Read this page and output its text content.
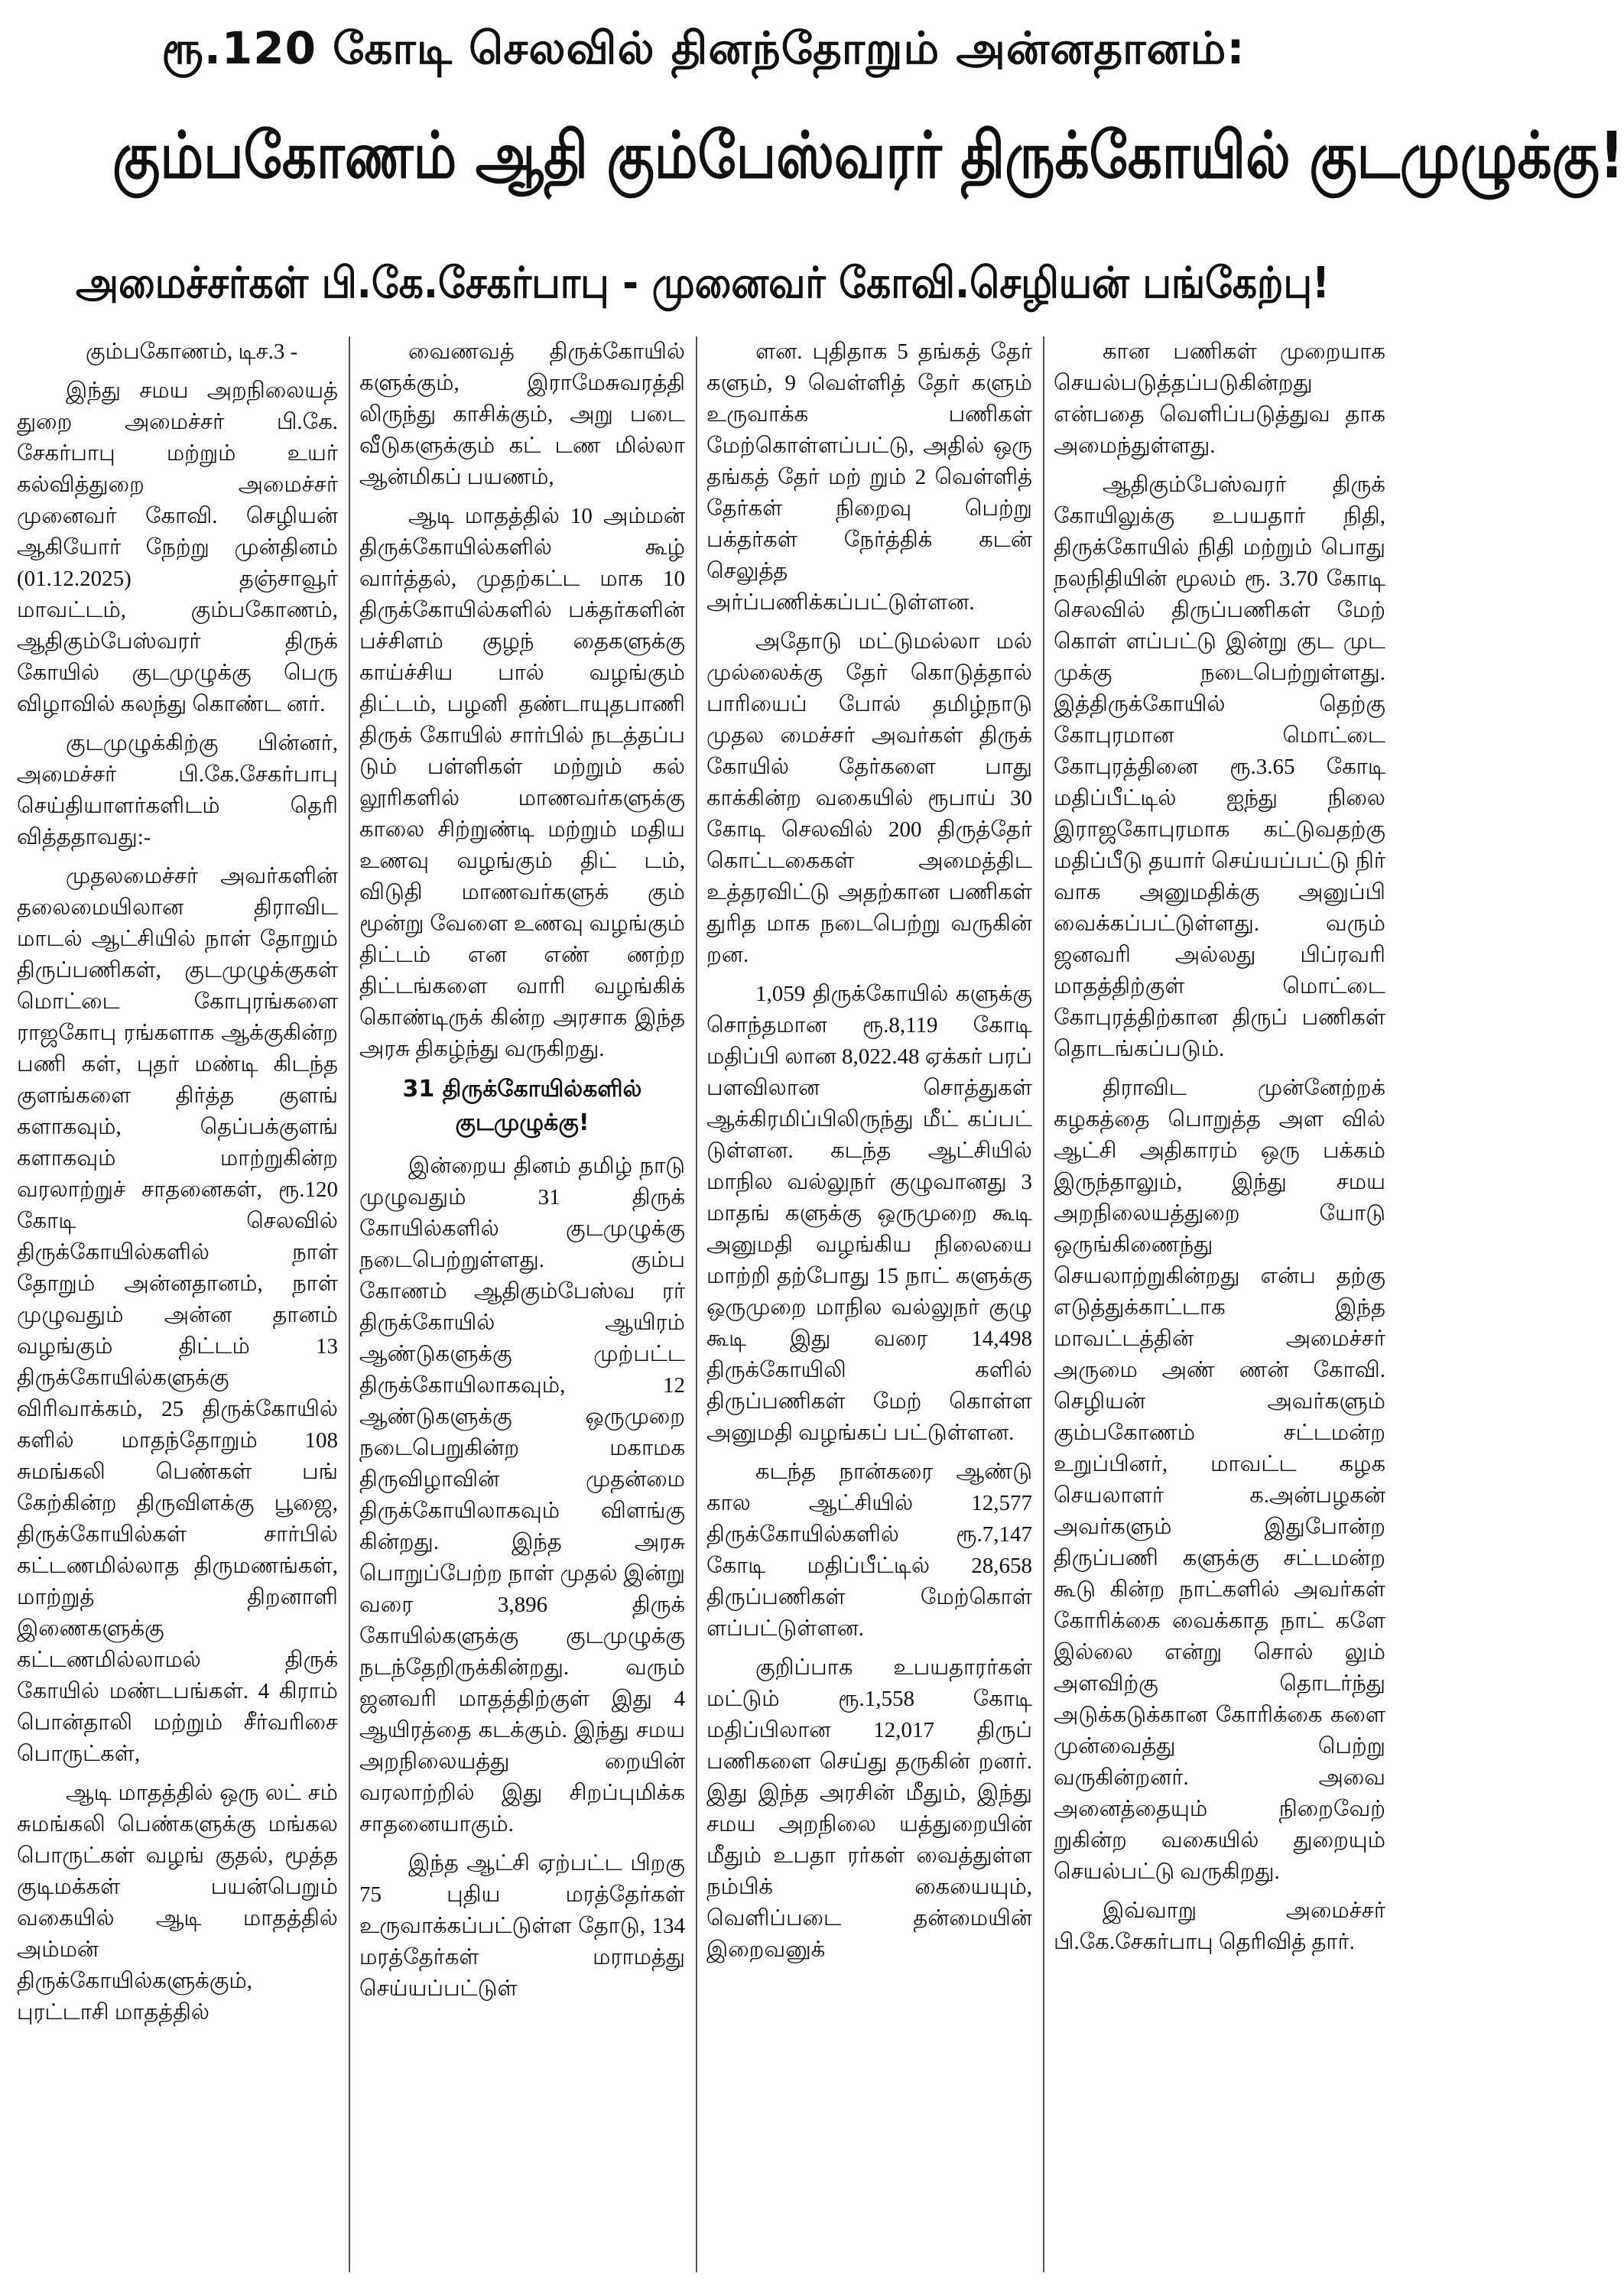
ரூ.120 கோடி செலவில் தினந்தோறும் அன்னதானம்:
கும்பகோணம் ஆதி கும்பேஸ்வரர் திருக்கோயில் குடமுழுக்கு!
அமைச்சர்கள் பி.கே.சேகர்பாபு - முனைவர் கோவி.செழியன் பங்கேற்பு!

கும்பகோணம், டிச.3 -

இந்து சமய அறநிலையத் துறை அமைச்சர் பி.கே. சேகர்பாபு மற்றும் உயர் கல்வித்துறை அமைச்சர் முனைவர் கோவி. செழியன் ஆகியோர் நேற்று முன்தினம் (01.12.2025) தஞ்சாவூர் மாவட்டம், கும்பகோணம், ஆதிகும்பேஸ்வரர் திருக் கோயில் குடமுழுக்கு பெரு விழாவில் கலந்து கொண்ட னர்.

குடமுழுக்கிற்கு பின்னர், அமைச்சர் பி.கே.சேகர்பாபு செய்தியாளர்களிடம் தெரி வித்ததாவது:-

முதலமைச்சர் அவர்களின் தலைமையிலான திராவிட மாடல் ஆட்சியில் நாள் தோறும் திருப்பணிகள், குடமுழுக்குகள் மொட்டை கோபுரங்களை ராஜகோபு ரங்களாக ஆக்குகின்ற பணி கள், புதர் மண்டி கிடந்த குளங்களை திர்த்த குளங் களாகவும், தெப்பக்குளங் களாகவும் மாற்றுகின்ற வரலாற்றுச் சாதனைகள், ரூ.120 கோடி செலவில் திருக்கோயில்களில் நாள் தோறும் அன்னதானம், நாள் முழுவதும் அன்ன தானம் வழங்கும் திட்டம் 13 திருக்கோயில்களுக்கு விரிவாக்கம், 25 திருக்கோயில் களில் மாதந்தோறும் 108 சுமங்கலி பெண்கள் பங் கேற்கின்ற திருவிளக்கு பூஜை, திருக்கோயில்கள் சார்பில் கட்டணமில்லாத திருமணங்கள், மாற்றுத் திறனாளி இணைகளுக்கு கட்டணமில்லாமல் திருக் கோயில் மண்டபங்கள். 4 கிராம் பொன்தாலி மற்றும் சீர்வரிசை பொருட்கள்,

ஆடி மாதத்தில் ஒரு லட் சம் சுமங்கலி பெண்களுக்கு மங்கல பொருட்கள் வழங் குதல், மூத்த குடிமக்கள் பயன்பெறும் வகையில் ஆடி மாதத்தில் அம்மன் திருக்கோயில்களுக்கும், புரட்டாசி மாதத்தில்

வைணவத் திருக்கோயில் களுக்கும், இராமேசுவரத்தி லிருந்து காசிக்கும், அறு படை வீடுகளுக்கும் கட் டண மில்லா ஆன்மிகப் பயணம்,

ஆடி மாதத்தில் 10 அம்மன் திருக்கோயில்களில் கூழ் வார்த்தல், முதற்கட்ட மாக 10 திருக்கோயில்களில் பக்தர்களின் பச்சிளம் குழந் தைகளுக்கு காய்ச்சிய பால் வழங்கும் திட்டம், பழனி தண்டாயுதபாணி திருக் கோயில் சார்பில் நடத்தப்ப டும் பள்ளிகள் மற்றும் கல் லூரிகளில் மாணவர்களுக்கு காலை சிற்றுண்டி மற்றும் மதிய உணவு வழங்கும் திட் டம், விடுதி மாணவர்களுக் கும் மூன்று வேளை உணவு வழங்கும் திட்டம் என எண் ணற்ற திட்டங்களை வாரி வழங்கிக் கொண்டிருக் கின்ற அரசாக இந்த அரசு திகழ்ந்து வருகிறது.

31 திருக்கோயில்களில் குடமுழுக்கு!

இன்றைய தினம் தமிழ் நாடு முழுவதும் 31 திருக் கோயில்களில் குடமுழுக்கு நடைபெற்றுள்ளது. கும்ப கோணம் ஆதிகும்பேஸ்வ ரர் திருக்கோயில் ஆயிரம் ஆண்டுகளுக்கு முற்பட்ட திருக்கோயிலாகவும், 12 ஆண்டுகளுக்கு ஒருமுறை நடைபெறுகின்ற மகாமக திருவிழாவின் முதன்மை திருக்கோயிலாகவும் விளங்கு கின்றது. இந்த அரசு பொறுப்பேற்ற நாள் முதல் இன்று வரை 3,896 திருக் கோயில்களுக்கு குடமுழுக்கு நடந்தேறிருக்கின்றது. வரும் ஜனவரி மாதத்திற்குள் இது 4 ஆயிரத்தை கடக்கும். இந்து சமய அறநிலையத்து றையின் வரலாற்றில் இது சிறப்புமிக்க சாதனையாகும்.

இந்த ஆட்சி ஏற்பட்ட பிறகு 75 புதிய மரத்தேர்கள் உருவாக்கப்பட்டுள்ள தோடு, 134 மரத்தேர்கள் மராமத்து செய்யப்பட்டுள்

ளன. புதிதாக 5 தங்கத் தேர் களும், 9 வெள்ளித் தேர் களும் உருவாக்க பணிகள் மேற்கொள்ளப்பட்டு, அதில் ஒரு தங்கத் தேர் மற் றும் 2 வெள்ளித் தேர்கள் நிறைவு பெற்று பக்தர்கள் நேர்த்திக் கடன் செலுத்த அர்ப்பணிக்கப்பட்டுள்ளன.

அதோடு மட்டுமல்லா மல் முல்லைக்கு தேர் கொடுத்தால் பாரியைப் போல் தமிழ்நாடு முதல மைச்சர் அவர்கள் திருக் கோயில் தேர்களை பாது காக்கின்ற வகையில் ரூபாய் 30 கோடி செலவில் 200 திருத்தேர் கொட்டகைகள் அமைத்திட உத்தரவிட்டு அதற்கான பணிகள் துரித மாக நடைபெற்று வருகின் றன.

1,059 திருக்கோயில் களுக்கு சொந்தமான ரூ.8,119 கோடி மதிப்பி லான 8,022.48 ஏக்கர் பரப் பளவிலான சொத்துகள் ஆக்கிரமிப்பிலிருந்து மீட் கப்பட் டுள்ளன. கடந்த ஆட்சியில் மாநில வல்லுநர் குழுவானது 3 மாதங் களுக்கு ஒருமுறை கூடி அனுமதி வழங்கிய நிலையை மாற்றி தற்போது 15 நாட் களுக்கு ஒருமுறை மாநில வல்லுநர் குழு கூடி இது வரை 14,498 திருக்கோயிலி களில் திருப்பணிகள் மேற் கொள்ள அனுமதி வழங்கப் பட்டுள்ளன.

கடந்த நான்கரை ஆண்டு கால ஆட்சியில் 12,577 திருக்கோயில்களில் ரூ.7,147 கோடி மதிப்பீட்டில் 28,658 திருப்பணிகள் மேற்கொள் ளப்பட்டுள்ளன.

குறிப்பாக உபயதாரர்கள் மட்டும் ரூ.1,558 கோடி மதிப்பிலான 12,017 திருப் பணிகளை செய்து தருகின் றனர். இது இந்த அரசின் மீதும், இந்து சமய அறநிலை யத்துறையின் மீதும் உபதா ரர்கள் வைத்துள்ள நம்பிக் கையையும், வெளிப்படை தன்மையின் இறைவனுக்

கான பணிகள் முறையாக செயல்படுத்தப்படுகின்றது என்பதை வெளிப்படுத்துவ தாக அமைந்துள்ளது.

ஆதிகும்பேஸ்வரர் திருக் கோயிலுக்கு உபயதார் நிதி, திருக்கோயில் நிதி மற்றும் பொது நலநிதியின் மூலம் ரூ. 3.70 கோடி செலவில் திருப்பணிகள் மேற் கொள் ளப்பட்டு இன்று குட முட முக்கு நடைபெற்றுள்ளது. இத்திருக்கோயில் தெற்கு கோபுரமான மொட்டை கோபுரத்தினை ரூ.3.65 கோடி மதிப்பீட்டில் ஐந்து நிலை இராஜகோபுரமாக கட்டுவதற்கு மதிப்பீடு தயார் செய்யப்பட்டு நிர் வாக அனுமதிக்கு அனுப்பி வைக்கப்பட்டுள்ளது. வரும் ஜனவரி அல்லது பிப்ரவரி மாதத்திற்குள் மொட்டை கோபுரத்திற்கான திருப் பணிகள் தொடங்கப்படும்.

திராவிட முன்னேற்றக் கழகத்தை பொறுத்த அள வில் ஆட்சி அதிகாரம் ஒரு பக்கம் இருந்தாலும், இந்து சமய அறநிலையத்துறை யோடு ஒருங்கிணைந்து செயலாற்றுகின்றது என்ப தற்கு எடுத்துக்காட்டாக இந்த மாவட்டத்தின் அமைச்சர் அருமை அண் ணன் கோவி. செழியன் அவர்களும் கும்பகோணம் சட்டமன்ற உறுப்பினர், மாவட்ட கழக செயலாளர் க.அன்பழகன் அவர்களும் இதுபோன்ற திருப்பணி களுக்கு சட்டமன்ற கூடு கின்ற நாட்களில் அவர்கள் கோரிக்கை வைக்காத நாட் களே இல்லை என்று சொல் லும் அளவிற்கு தொடர்ந்து அடுக்கடுக்கான கோரிக்கை களை முன்வைத்து பெற்று வருகின்றனர். அவை அனைத்தையும் நிறைவேற் றுகின்ற வகையில் துறையும் செயல்பட்டு வருகிறது.

இவ்வாறு அமைச்சர் பி.கே.சேகர்பாபு தெரிவித் தார்.
